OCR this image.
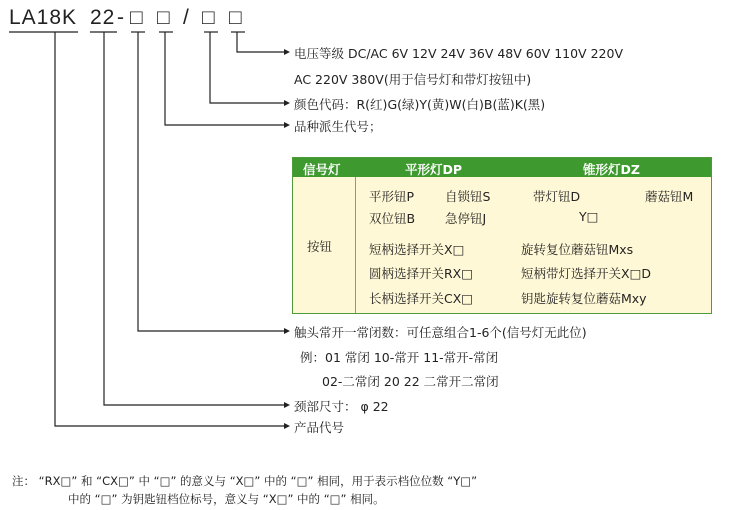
LA18K 22 - □ □ / □ □
电压等级 DC/AC 6V 12V 24V 36V 48V 60V 110V 220V
AC 220V 380V(用于信号灯和带灯按钮中)
颜色代码：R(红)G(绿)Y(黄)W(白)B(蓝)K(黑)
品种派生代号；
信号灯	平形灯DP	锥形灯DZ
按钮
平形钮P 自锁钮S	带灯钮D	蘑菇钮M
双位钮B 急停钮J	Y□
短柄选择开关X□	旋转复位蘑菇钮Mxs
圆柄选择开关RX□	短柄带灯选择开关X□D
长柄选择开关CX□	钥匙旋转复位蘑菇Mxy
触头常开一常闭数：可任意组合1-6个(信号灯无此位)
例：01 常闭 10-常开 11-常开-常闭
02-二常闭 20 22 二常开二常闭
颈部尺寸： φ 22
产品代号
注： “RX□” 和 “CX□” 中 “□” 的意义与 “X□” 中的 “□” 相同，用于表示档位位数 “Y□”
中的 “□” 为钥匙钮档位标号，意义与 “X□” 中的 “□” 相同。
